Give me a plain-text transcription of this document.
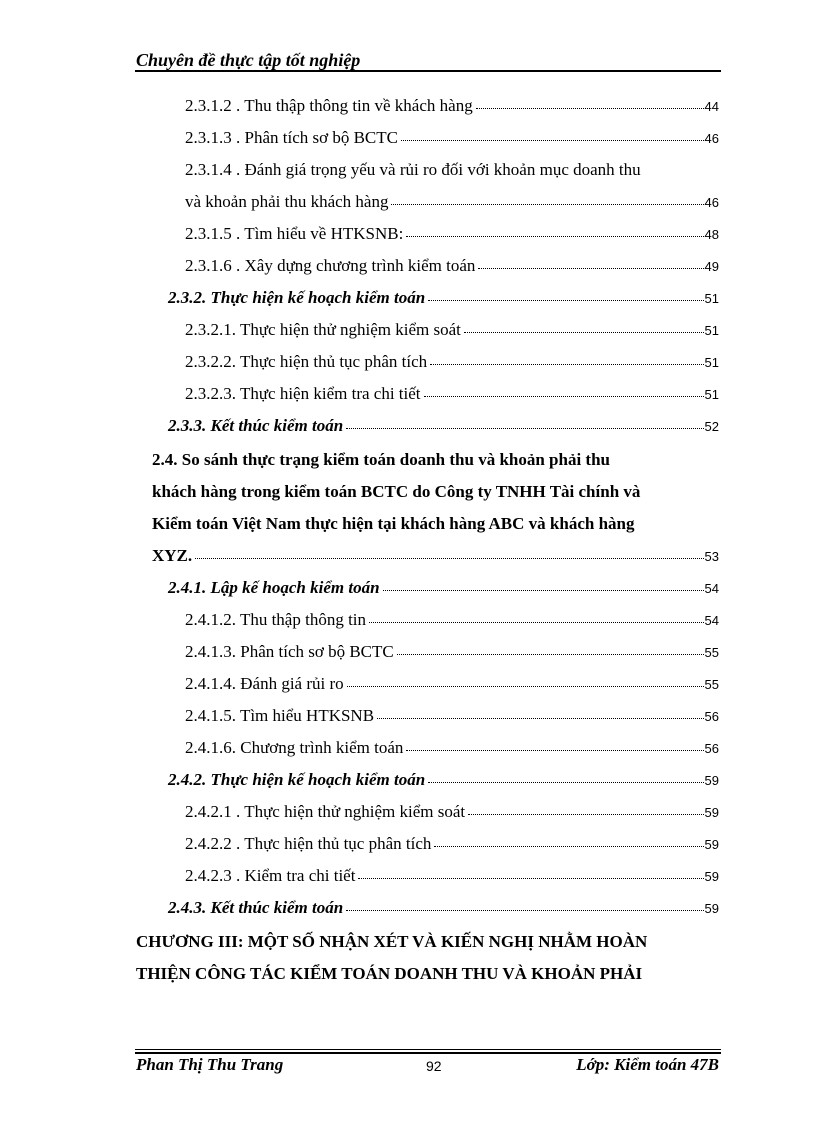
Chuyên đề thực tập tốt nghiệp
2.3.1.2 . Thu thập thông tin về khách hàng	44
2.3.1.3 . Phân tích sơ bộ BCTC	46
2.3.1.4 . Đánh giá trọng yếu và rủi ro đối với khoản mục doanh thu
và khoản phải thu khách hàng	46
2.3.1.5 . Tìm hiểu về HTKSNB:	48
2.3.1.6 . Xây dựng chương trình kiểm toán	49
2.3.2. Thực hiện kế hoạch kiểm toán	51
2.3.2.1. Thực hiện thử nghiệm kiểm soát	51
2.3.2.2. Thực hiện thủ tục phân tích	51
2.3.2.3. Thực hiện kiểm tra chi tiết	51
2.3.3. Kết thúc kiểm toán	52
2.4. So sánh thực trạng kiểm toán doanh thu và khoản phải thu
khách hàng trong kiểm toán BCTC do Công ty TNHH Tài chính và
Kiểm toán Việt Nam thực hiện tại khách hàng ABC và khách hàng
XYZ.	53
2.4.1. Lập kế hoạch kiểm toán	54
2.4.1.2. Thu thập thông tin	54
2.4.1.3. Phân tích sơ bộ BCTC	55
2.4.1.4. Đánh giá rủi ro	55
2.4.1.5. Tìm hiểu HTKSNB	56
2.4.1.6. Chương trình kiểm toán	56
2.4.2. Thực hiện kế hoạch kiểm toán	59
2.4.2.1 . Thực hiện thử nghiệm kiểm soát	59
2.4.2.2 . Thực hiện thủ tục phân tích	59
2.4.2.3 . Kiểm tra chi tiết	59
2.4.3. Kết thúc kiểm toán	59
CHƯƠNG III: MỘT SỐ NHẬN XÉT VÀ KIẾN NGHỊ NHẰM HOÀN
THIỆN CÔNG TÁC KIỂM TOÁN DOANH THU VÀ KHOẢN PHẢI
Phan Thị Thu Trang	92	Lớp: Kiểm toán 47B
